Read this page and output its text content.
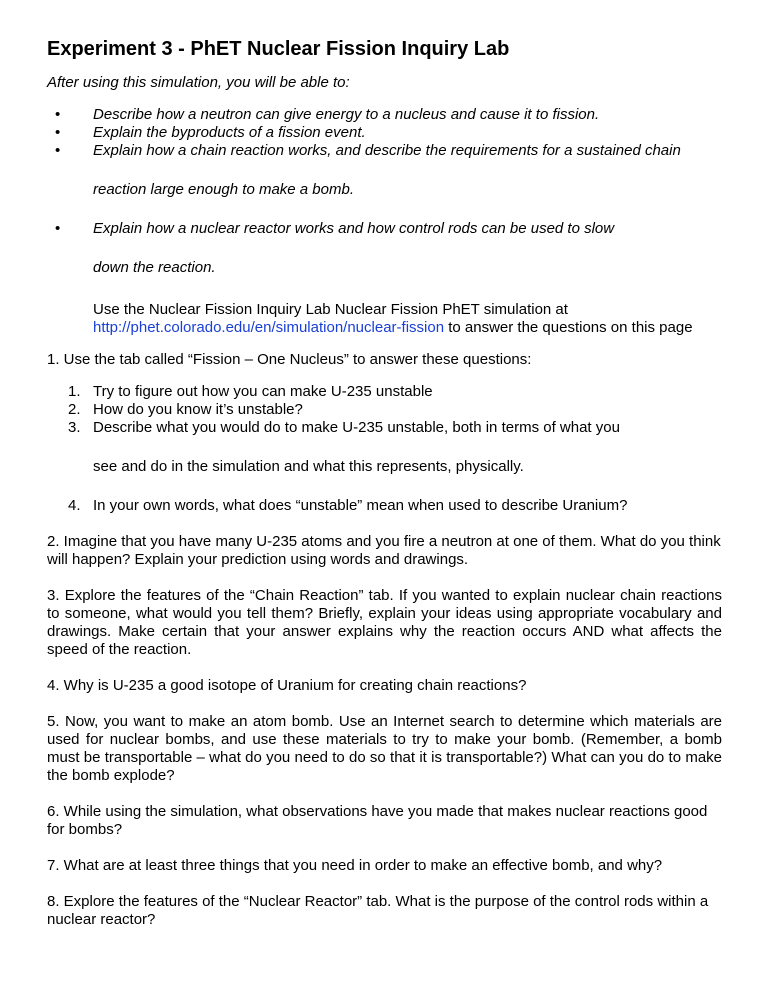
Experiment 3 - PhET Nuclear Fission Inquiry Lab

After using this simulation, you will be able to:

• Describe how a neutron can give energy to a nucleus and cause it to fission.
• Explain the byproducts of a fission event.
• Explain how a chain reaction works, and describe the requirements for a sustained chain
reaction large enough to make a bomb.
• Explain how a nuclear reactor works and how control rods can be used to slow
down the reaction.

Use the Nuclear Fission Inquiry Lab Nuclear Fission PhET simulation at
http://phet.colorado.edu/en/simulation/nuclear-fission to answer the questions on this page

1. Use the tab called “Fission – One Nucleus” to answer these questions:

1. Try to figure out how you can make U-235 unstable
2. How do you know it’s unstable?
3. Describe what you would do to make U-235 unstable, both in terms of what you
see and do in the simulation and what this represents, physically.
4. In your own words, what does “unstable” mean when used to describe Uranium?

2. Imagine that you have many U-235 atoms and you fire a neutron at one of them. What do you think will happen? Explain your prediction using words and drawings.

3. Explore the features of the “Chain Reaction” tab. If you wanted to explain nuclear chain reactions to someone, what would you tell them? Briefly, explain your ideas using appropriate vocabulary and drawings. Make certain that your answer explains why the reaction occurs AND what affects the speed of the reaction.

4. Why is U-235 a good isotope of Uranium for creating chain reactions?

5. Now, you want to make an atom bomb. Use an Internet search to determine which materials are used for nuclear bombs, and use these materials to try to make your bomb. (Remember, a bomb must be transportable – what do you need to do so that it is transportable?) What can you do to make the bomb explode?

6. While using the simulation, what observations have you made that makes nuclear reactions good for bombs?

7. What are at least three things that you need in order to make an effective bomb, and why?

8. Explore the features of the “Nuclear Reactor” tab. What is the purpose of the control rods within a nuclear reactor?
